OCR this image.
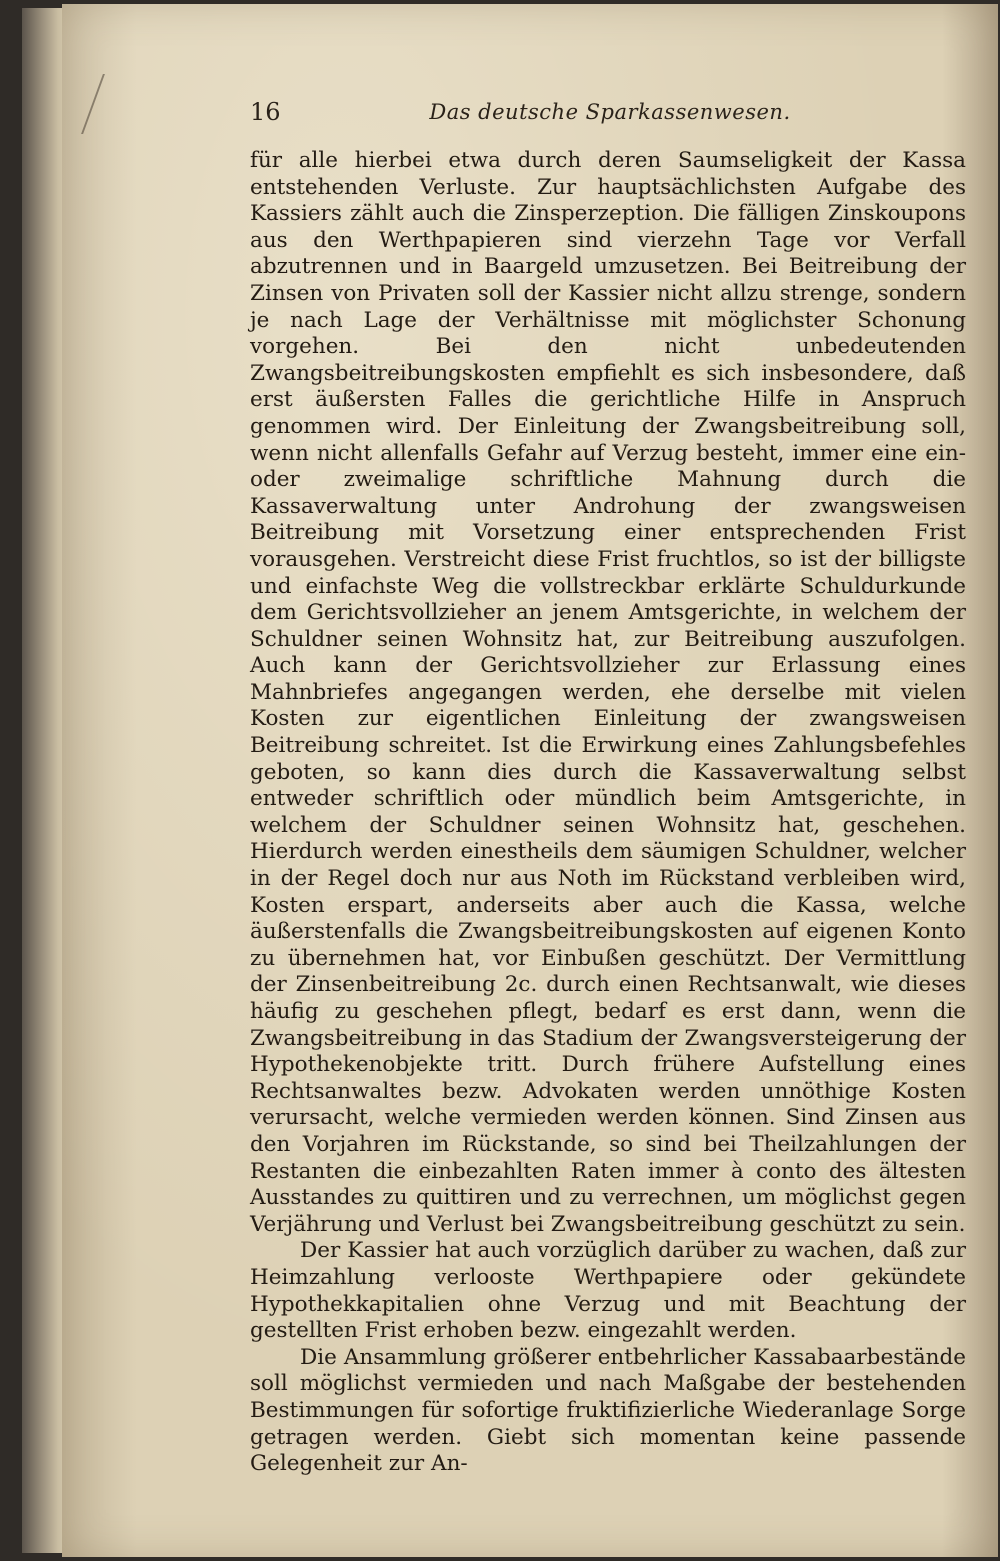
16	Das deutsche Sparkassenwesen.

für alle hierbei etwa durch deren Saumseligkeit der Kassa entstehenden Verluste. Zur hauptsächlichsten Aufgabe des Kassiers zählt auch die Zinsperzeption. Die fälligen Zinskoupons aus den Werthpapieren sind vierzehn Tage vor Verfall abzutrennen und in Baargeld umzusetzen. Bei Beitreibung der Zinsen von Privaten soll der Kassier nicht allzu strenge, sondern je nach Lage der Verhältnisse mit möglichster Schonung vorgehen. Bei den nicht unbedeutenden Zwangsbeitreibungskosten empfiehlt es sich insbesondere, daß erst äußersten Falles die gerichtliche Hilfe in Anspruch genommen wird. Der Einleitung der Zwangsbeitreibung soll, wenn nicht allenfalls Gefahr auf Verzug besteht, immer eine ein- oder zweimalige schriftliche Mahnung durch die Kassaverwaltung unter Androhung der zwangsweisen Beitreibung mit Vorsetzung einer entsprechenden Frist vorausgehen. Verstreicht diese Frist fruchtlos, so ist der billigste und einfachste Weg die vollstreckbar erklärte Schuldurkunde dem Gerichtsvollzieher an jenem Amtsgerichte, in welchem der Schuldner seinen Wohnsitz hat, zur Beitreibung auszufolgen. Auch kann der Gerichtsvollzieher zur Erlassung eines Mahnbriefes angegangen werden, ehe derselbe mit vielen Kosten zur eigentlichen Einleitung der zwangsweisen Beitreibung schreitet. Ist die Erwirkung eines Zahlungsbefehles geboten, so kann dies durch die Kassaverwaltung selbst entweder schriftlich oder mündlich beim Amtsgerichte, in welchem der Schuldner seinen Wohnsitz hat, geschehen. Hierdurch werden einestheils dem säumigen Schuldner, welcher in der Regel doch nur aus Noth im Rückstand verbleiben wird, Kosten erspart, anderseits aber auch die Kassa, welche äußerstenfalls die Zwangsbeitreibungskosten auf eigenen Konto zu übernehmen hat, vor Einbußen geschützt. Der Vermittlung der Zinsenbeitreibung 2c. durch einen Rechtsanwalt, wie dieses häufig zu geschehen pflegt, bedarf es erst dann, wenn die Zwangsbeitreibung in das Stadium der Zwangsversteigerung der Hypothekenobjekte tritt. Durch frühere Aufstellung eines Rechtsanwaltes bezw. Advokaten werden unnöthige Kosten verursacht, welche vermieden werden können. Sind Zinsen aus den Vorjahren im Rückstande, so sind bei Theilzahlungen der Restanten die einbezahlten Raten immer à conto des ältesten Ausstandes zu quittiren und zu verrechnen, um möglichst gegen Verjährung und Verlust bei Zwangsbeitreibung geschützt zu sein.

Der Kassier hat auch vorzüglich darüber zu wachen, daß zur Heimzahlung verlooste Werthpapiere oder gekündete Hypothekkapitalien ohne Verzug und mit Beachtung der gestellten Frist erhoben bezw. eingezahlt werden.

Die Ansammlung größerer entbehrlicher Kassabaarbestände soll möglichst vermieden und nach Maßgabe der bestehenden Bestimmungen für sofortige fruktifizierliche Wiederanlage Sorge getragen werden. Giebt sich momentan keine passende Gelegenheit zur An-
